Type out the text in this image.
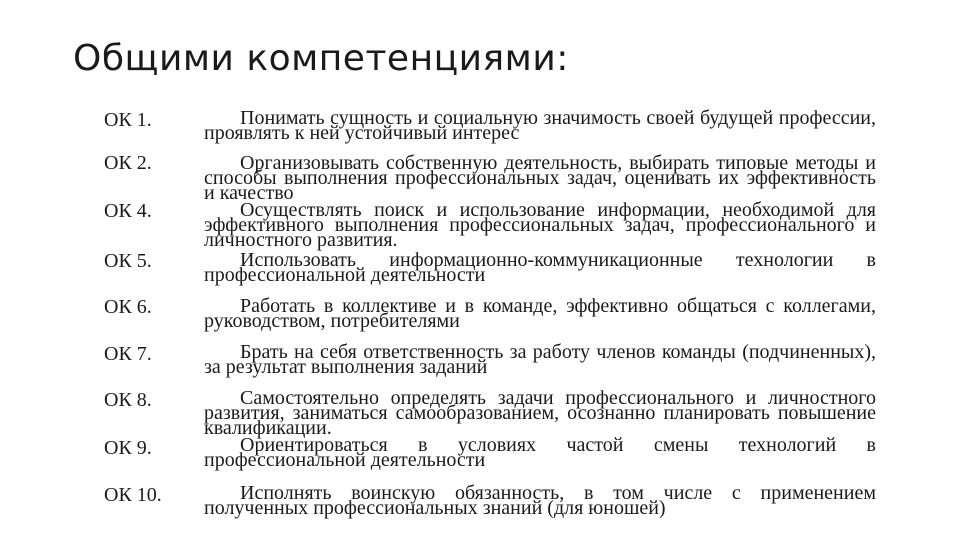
Общими компетенциями:
ОК 1.	Понимать сущность и социальную значимость своей будущей профессии, проявлять к ней устойчивый интерес
ОК 2.	Организовывать собственную деятельность, выбирать типовые методы и способы выполнения профессиональных задач, оценивать их эффективность и качество
ОК 4.	Осуществлять поиск и использование информации, необходимой для эффективного выполнения профессиональных задач, профессионального и личностного развития.
ОК 5.	Использовать информационно-коммуникационные технологии в профессиональной деятельности
ОК 6.	Работать в коллективе и в команде, эффективно общаться с коллегами, руководством, потребителями
ОК 7.	Брать на себя ответственность за работу членов команды (подчиненных), за результат выполнения заданий
ОК 8.	Самостоятельно определять задачи профессионального и личностного развития, заниматься самообразованием, осознанно планировать повышение квалификации.
ОК 9.	Ориентироваться в условиях частой смены технологий в профессиональной деятельности
ОК 10.	Исполнять воинскую обязанность, в том числе с применением полученных профессиональных знаний (для юношей)
